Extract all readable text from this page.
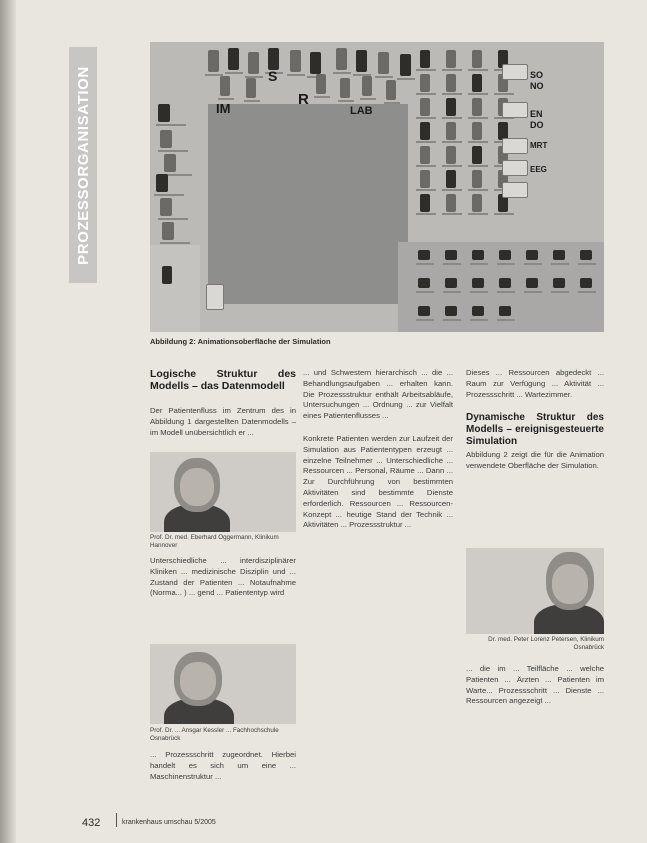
PROZESSORGANISATION	S
IM
R
LAB
SO
NO
EN
DO
MRT
EEG
Abbildung 2: Animationsoberfläche der Simulation

Logische Struktur des Modells – das Datenmodell

Der Patientenfluss im Zentrum des in Abbildung 1 dargestellten Datenmodells – im Modell unübersichtlich er ...

Prof. Dr. med. Eberhard Oggermann, Klinikum Hannover

Unterschiedliche ... interdisziplinärer Kliniken ... medizinische Disziplin und ... Zustand der Patienten ... Notaufnahme (Norma... ) ... gend ... Patiententyp wird

Prof. Dr. ... Ansgar Kessler ... Fachhochschule Osnabrück

... Prozessschritt zugeordnet. Hierbei handelt es sich um eine ... Maschinenstruktur ...

... und Schwestern hierarchisch ... die ... Behandlungsaufgaben ... erhalten kann. Die Prozessstruktur enthält Arbeitsabläufe, Untersuchungen ... Ordnung ... zur Vielfalt eines Patientenflusses ...

Konkrete Patienten werden zur Laufzeit der Simulation aus Patiententypen erzeugt ... einzelne Teilnehmer ... Unterschiedliche ... Ressourcen ... Personal, Räume ... Dann ... Zur Durchführung von bestimmten Aktivitäten sind bestimmte Dienste erforderlich. Ressourcen ... Ressourcen-Konzept ... heutige Stand der Technik ... Aktivitäten ... Prozessstruktur ...

Dieses ... Ressourcen abgedeckt ... Raum zur Verfügung ... Aktivität ... Prozessschritt ... Wartezimmer.

Dynamische Struktur des Modells – ereignisgesteuerte Simulation

Abbildung 2 zeigt die für die Animation verwendete Oberfläche der Simulation.

Dr. med. Peter Lorenz Petersen, Klinikum Osnabrück

... die im ... Teilfläche ... welche Patienten ... Ärzten ... Patienten im Warte... Prozessschritt ... Dienste ... Ressourcen angezeigt ...

432	krankenhaus umschau 5/2005
